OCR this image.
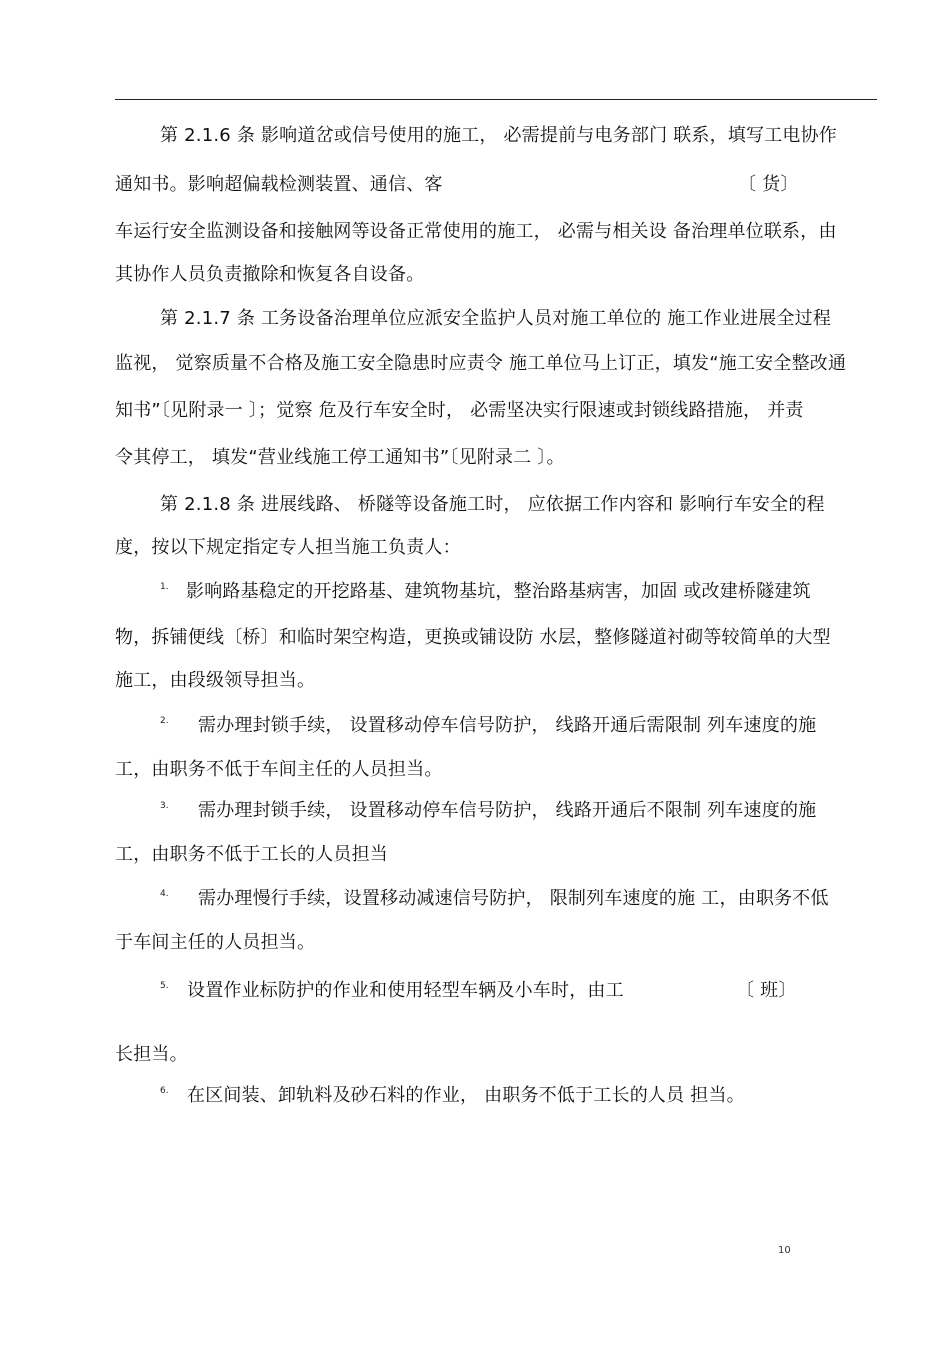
第 2.1.6 条 影响道岔或信号使用的施工， 必需提前与电务部门 联系，填写工电协作
通知书。影响超偏载检测装置、通信、客	〔 货〕
车运行安全监测设备和接触网等设备正常使用的施工， 必需与相关设 备治理单位联系，由
其协作人员负责撤除和恢复各自设备。
第 2.1.7 条 工务设备治理单位应派安全监护人员对施工单位的 施工作业进展全过程
监视， 觉察质量不合格及施工安全隐患时应责令 施工单位马上订正，填发“施工安全整改通
知书”〔见附录一 〕；觉察 危及行车安全时， 必需坚决实行限速或封锁线路措施， 并责
令其停工， 填发“营业线施工停工通知书”〔见附录二 〕。
第 2.1.8 条 进展线路、 桥隧等设备施工时， 应依据工作内容和 影响行车安全的程
度，按以下规定指定专人担当施工负责人：
1. 影响路基稳定的开挖路基、建筑物基坑，整治路基病害，加固 或改建桥隧建筑
物，拆铺便线〔桥〕和临时架空构造，更换或铺设防 水层，整修隧道衬砌等较简单的大型
施工，由段级领导担当。
2. 需办理封锁手续， 设置移动停车信号防护， 线路开通后需限制 列车速度的施
工，由职务不低于车间主任的人员担当。
3. 需办理封锁手续， 设置移动停车信号防护， 线路开通后不限制 列车速度的施
工，由职务不低于工长的人员担当
4. 需办理慢行手续，设置移动减速信号防护， 限制列车速度的施 工，由职务不低
于车间主任的人员担当。
5. 设置作业标防护的作业和使用轻型车辆及小车时，由工	〔 班〕
长担当。
6. 在区间装、卸轨料及砂石料的作业， 由职务不低于工长的人员 担当。
10
